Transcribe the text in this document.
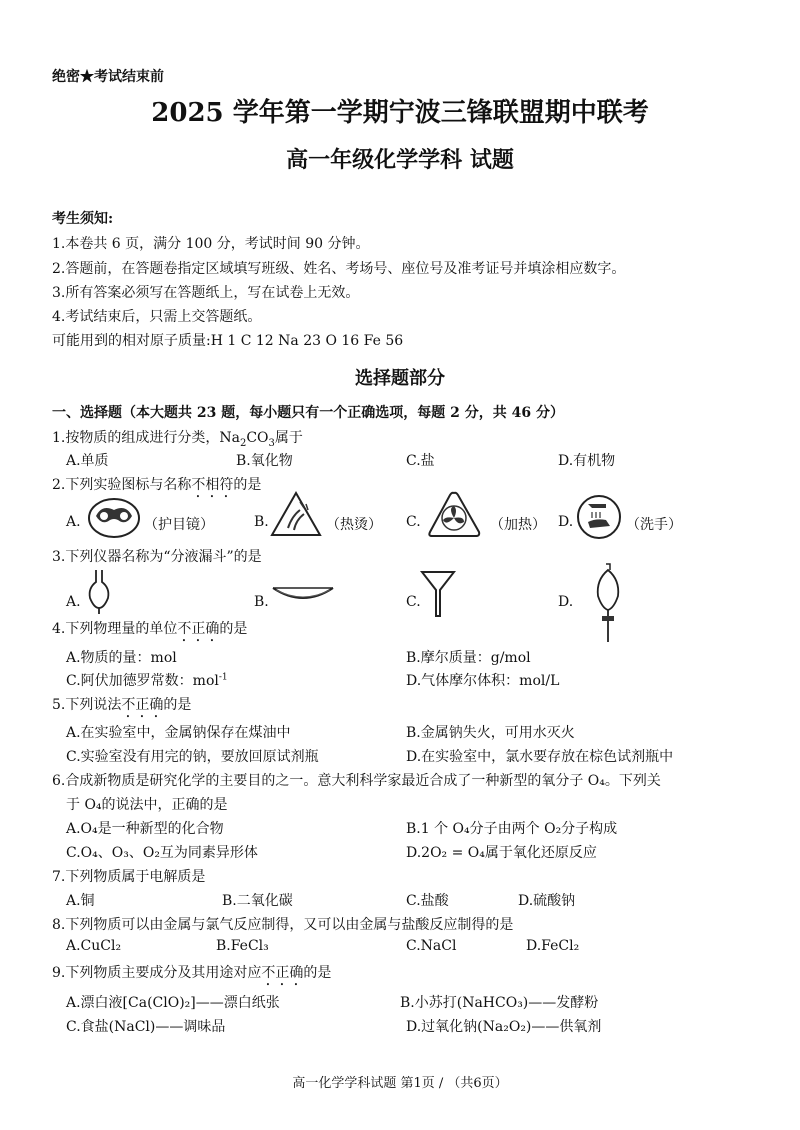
绝密★考试结束前
2025 学年第一学期宁波三锋联盟期中联考
高一年级化学学科 试题
考生须知:
1.本卷共 6 页，满分 100 分，考试时间 90 分钟。
2.答题前，在答题卷指定区域填写班级、姓名、考场号、座位号及准考证号并填涂相应数字。
3.所有答案必须写在答题纸上，写在试卷上无效。
4.考试结束后，只需上交答题纸。
可能用到的相对原子质量:H 1 C 12 Na 23 O 16 Fe 56
选择题部分
一、选择题（本大题共 23 题，每小题只有一个正确选项，每题 2 分，共 46 分）
1.按物质的组成进行分类，$Na_2CO_3$属于
A.单质	B.氧化物	C.盐	D.有机物
2.下列实验图标与名称不相符的是
A.	（护目镜）	B.	（热烫） C.	（加热） D.	（洗手）
3.下列仪器名称为“分液漏斗”的是
A.	B.	C.	D.
4.下列物理量的单位不正确的是
A.物质的量：mol	B.摩尔质量：g/mol
C.阿伏加德罗常数：mol$^{-1}$	D.气体摩尔体积：mol/L
5.下列说法不正确的是
A.在实验室中，金属钠保存在煤油中	B.金属钠失火，可用水灭火
C.实验室没有用完的钠，要放回原试剂瓶	D.在实验室中，氯水要存放在棕色试剂瓶中
6.合成新物质是研究化学的主要目的之一。意大利科学家最近合成了一种新型的氧分子 O₄。下列关
于 O₄的说法中，正确的是
A.O₄是一种新型的化合物	B.1 个 O₄分子由两个 O₂分子构成
C.O₄、O₃、O₂互为同素异形体	D.2O₂ = O₄属于氧化还原反应
7.下列物质属于电解质是
A.铜	B.二氧化碳	C.盐酸	D.硫酸钠
8.下列物质可以由金属与氯气反应制得，又可以由金属与盐酸反应制得的是
A.CuCl₂	B.FeCl₃	C.NaCl	D.FeCl₂
9.下列物质主要成分及其用途对应不正确的是
A.漂白液[Ca(ClO)₂]——漂白纸张	B.小苏打(NaHCO₃)——发酵粉
C.食盐(NaCl)——调味品	D.过氧化钠(Na₂O₂)——供氧剂
高一化学学科试题 第1页 / （共6页）
